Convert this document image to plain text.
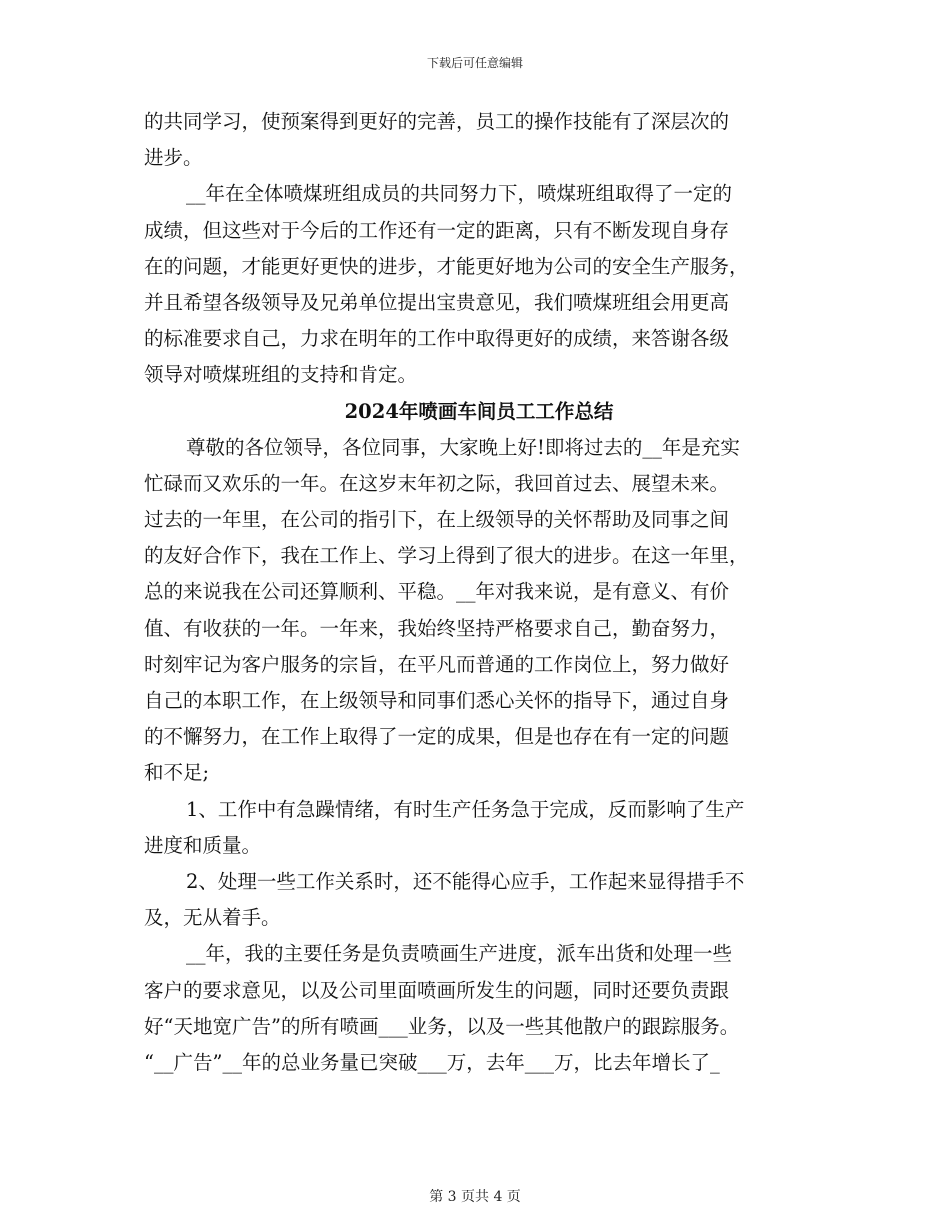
下载后可任意编辑
的共同学习，使预案得到更好的完善，员工的操作技能有了深层次的
进步。
__年在全体喷煤班组成员的共同努力下，喷煤班组取得了一定的
成绩，但这些对于今后的工作还有一定的距离，只有不断发现自身存
在的问题，才能更好更快的进步，才能更好地为公司的安全生产服务，
并且希望各级领导及兄弟单位提出宝贵意见，我们喷煤班组会用更高
的标准要求自己，力求在明年的工作中取得更好的成绩，来答谢各级
领导对喷煤班组的支持和肯定。
2024年喷画车间员工工作总结
尊敬的各位领导，各位同事，大家晚上好!即将过去的__年是充实
忙碌而又欢乐的一年。在这岁末年初之际，我回首过去、展望未来。
过去的一年里，在公司的指引下，在上级领导的关怀帮助及同事之间
的友好合作下，我在工作上、学习上得到了很大的进步。在这一年里，
总的来说我在公司还算顺利、平稳。__年对我来说，是有意义、有价
值、有收获的一年。一年来，我始终坚持严格要求自己，勤奋努力，
时刻牢记为客户服务的宗旨，在平凡而普通的工作岗位上，努力做好
自己的本职工作，在上级领导和同事们悉心关怀的指导下，通过自身
的不懈努力，在工作上取得了一定的成果，但是也存在有一定的问题
和不足;
1、工作中有急躁情绪，有时生产任务急于完成，反而影响了生产
进度和质量。
2、处理一些工作关系时，还不能得心应手，工作起来显得措手不
及，无从着手。
__年，我的主要任务是负责喷画生产进度，派车出货和处理一些
客户的要求意见，以及公司里面喷画所发生的问题，同时还要负责跟
好“天地宽广告”的所有喷画___业务，以及一些其他散户的跟踪服务。
“__广告”__年的总业务量已突破___万，去年___万，比去年增长了_
第 3 页共 4 页
